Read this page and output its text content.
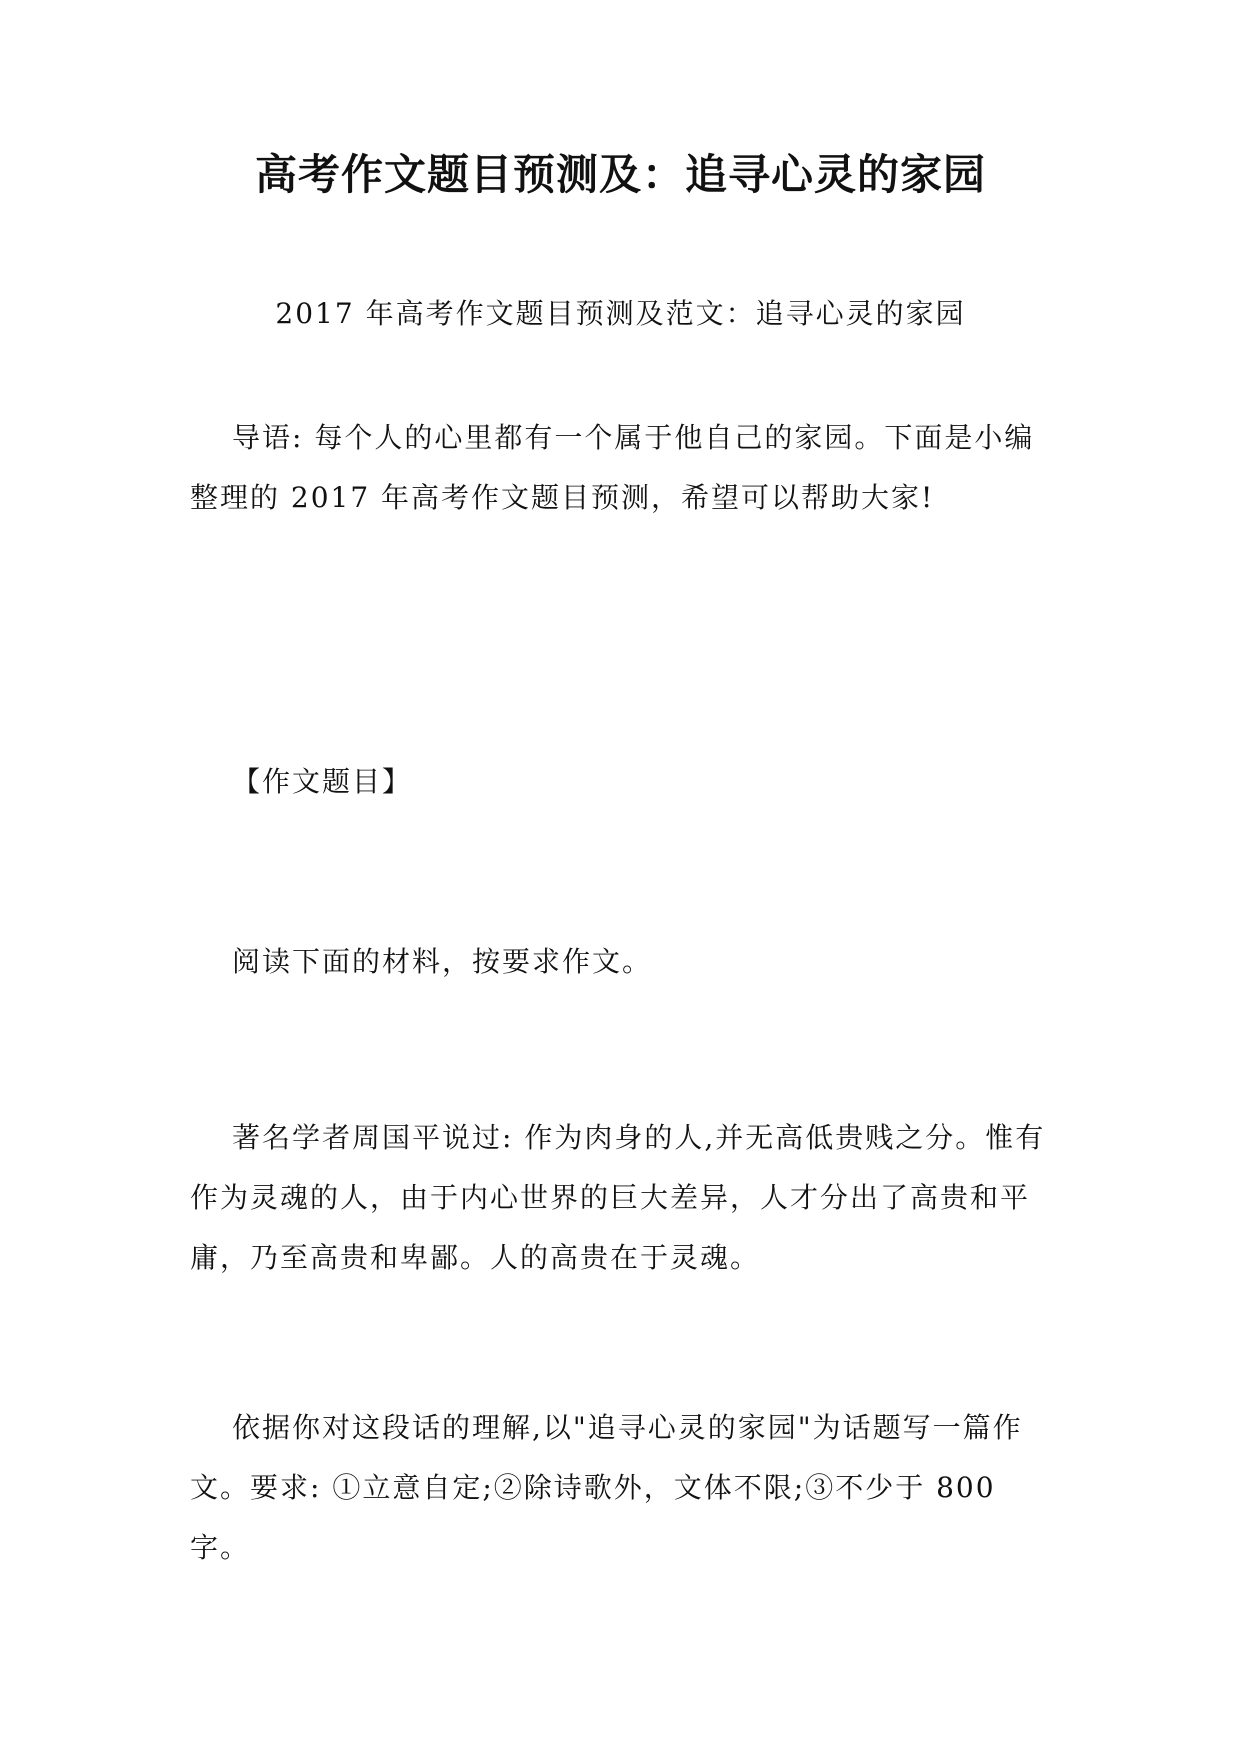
高考作文题目预测及：追寻心灵的家园
2017 年高考作文题目预测及范文：追寻心灵的家园

导语: 每个人的心里都有一个属于他自己的家园。下面是小编整理的 2017 年高考作文题目预测，希望可以帮助大家!

【作文题目】

阅读下面的材料，按要求作文。

著名学者周国平说过: 作为肉身的人,并无高低贵贱之分。惟有作为灵魂的人，由于内心世界的巨大差异，人才分出了高贵和平庸，乃至高贵和卑鄙。人的高贵在于灵魂。

依据你对这段话的理解,以"追寻心灵的家园"为话题写一篇作文。要求: ①立意自定;②除诗歌外，文体不限;③不少于 800 字。
